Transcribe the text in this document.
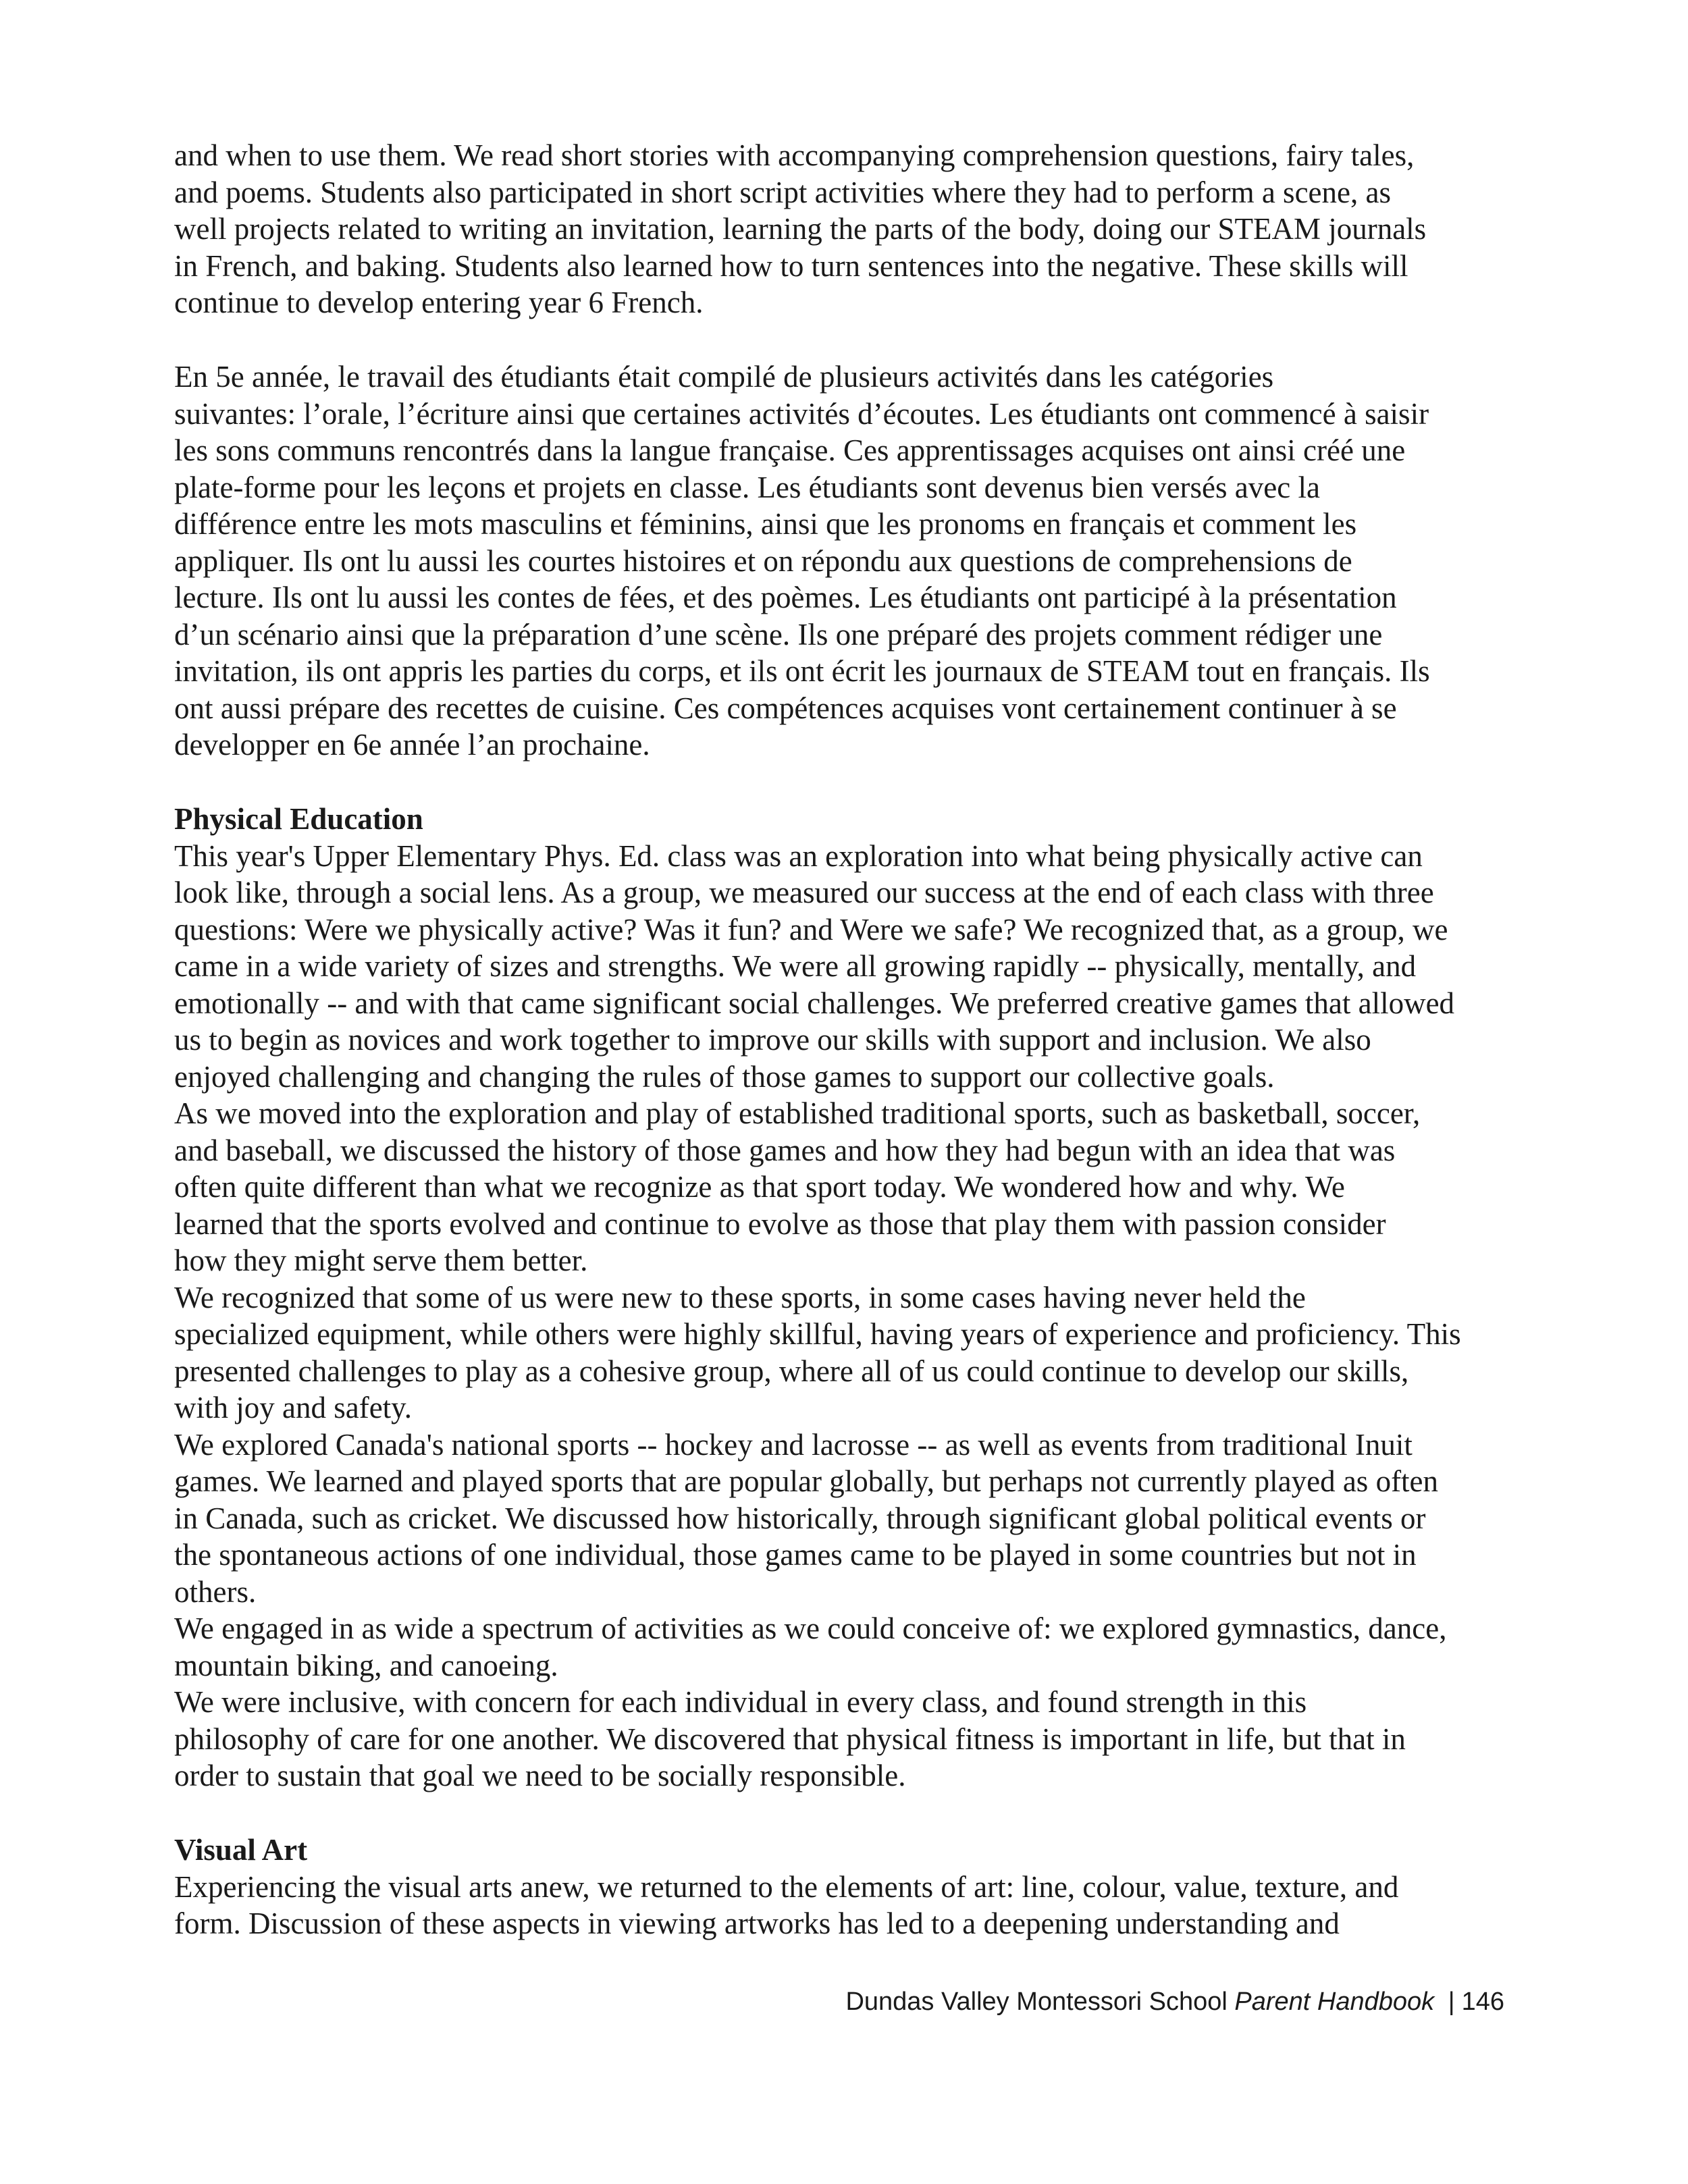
and when to use them. We read short stories with accompanying comprehension questions, fairy tales,
and poems. Students also participated in short script activities where they had to perform a scene, as
well projects related to writing an invitation, learning the parts of the body, doing our STEAM journals
in French, and baking. Students also learned how to turn sentences into the negative. These skills will
continue to develop entering year 6 French.
En 5e année, le travail des étudiants était compilé de plusieurs activités dans les catégories
suivantes: l’orale, l’écriture ainsi que certaines activités d’écoutes. Les étudiants ont commencé à saisir
les sons communs rencontrés dans la langue française. Ces apprentissages acquises ont ainsi créé une
plate-forme pour les leçons et projets en classe. Les étudiants sont devenus bien versés avec la
différence entre les mots masculins et féminins, ainsi que les pronoms en français et comment les
appliquer. Ils ont lu aussi les courtes histoires et on répondu aux questions de comprehensions de
lecture. Ils ont lu aussi les contes de fées, et des poèmes. Les étudiants ont participé à la présentation
d’un scénario ainsi que la préparation d’une scène. Ils one préparé des projets comment rédiger une
invitation, ils ont appris les parties du corps, et ils ont écrit les journaux de STEAM tout en français. Ils
ont aussi prépare des recettes de cuisine. Ces compétences acquises vont certainement continuer à se
developper en 6e année l’an prochaine.
Physical Education
This year's Upper Elementary Phys. Ed. class was an exploration into what being physically active can
look like, through a social lens. As a group, we measured our success at the end of each class with three
questions: Were we physically active? Was it fun? and Were we safe? We recognized that, as a group, we
came in a wide variety of sizes and strengths. We were all growing rapidly -- physically, mentally, and
emotionally -- and with that came significant social challenges. We preferred creative games that allowed
us to begin as novices and work together to improve our skills with support and inclusion. We also
enjoyed challenging and changing the rules of those games to support our collective goals.
As we moved into the exploration and play of established traditional sports, such as basketball, soccer,
and baseball, we discussed the history of those games and how they had begun with an idea that was
often quite different than what we recognize as that sport today. We wondered how and why. We
learned that the sports evolved and continue to evolve as those that play them with passion consider
how they might serve them better.
We recognized that some of us were new to these sports, in some cases having never held the
specialized equipment, while others were highly skillful, having years of experience and proficiency. This
presented challenges to play as a cohesive group, where all of us could continue to develop our skills,
with joy and safety.
We explored Canada's national sports -- hockey and lacrosse -- as well as events from traditional Inuit
games. We learned and played sports that are popular globally, but perhaps not currently played as often
in Canada, such as cricket. We discussed how historically, through significant global political events or
the spontaneous actions of one individual, those games came to be played in some countries but not in
others.
We engaged in as wide a spectrum of activities as we could conceive of: we explored gymnastics, dance,
mountain biking, and canoeing.
We were inclusive, with concern for each individual in every class, and found strength in this
philosophy of care for one another. We discovered that physical fitness is important in life, but that in
order to sustain that goal we need to be socially responsible.
Visual Art
Experiencing the visual arts anew, we returned to the elements of art: line, colour, value, texture, and
form. Discussion of these aspects in viewing artworks has led to a deepening understanding and
Dundas Valley Montessori School Parent Handbook | 146
